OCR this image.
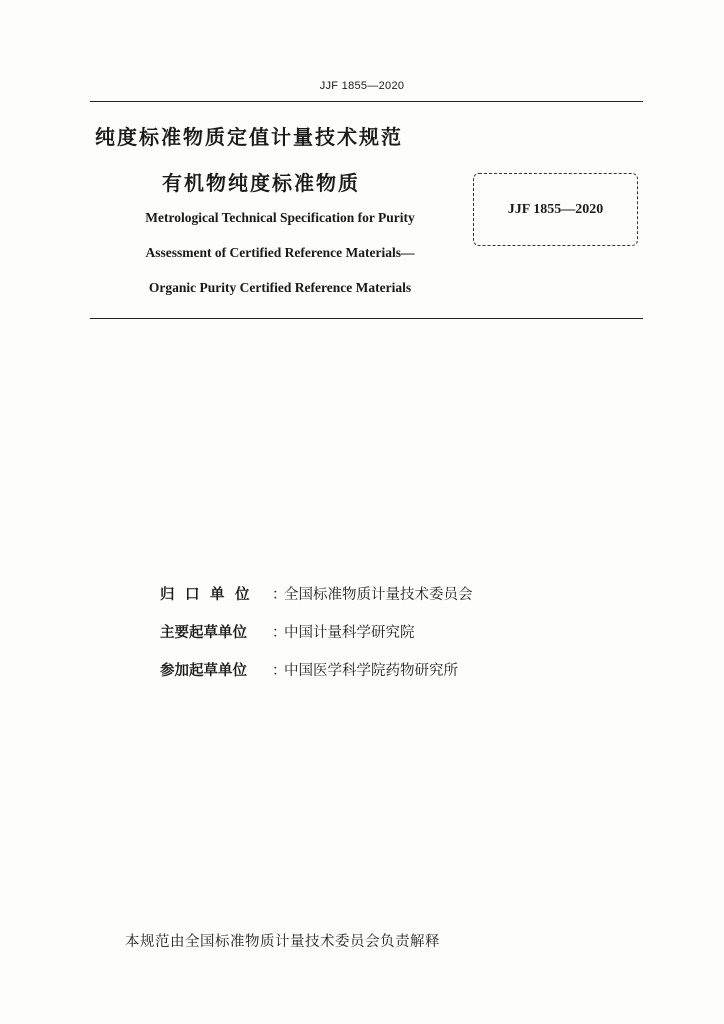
JJF 1855—2020
纯度标准物质定值计量技术规范
有机物纯度标准物质
Metrological Technical Specification for Purity
Assessment of Certified Reference Materials—
Organic Purity Certified Reference Materials
JJF 1855—2020
归口单位 ：
全国标准物质计量技术委员会
主要起草单位	：
中国计量科学研究院
参加起草单位	：
中国医学科学院药物研究所
本规范由全国标准物质计量技术委员会负责解释
